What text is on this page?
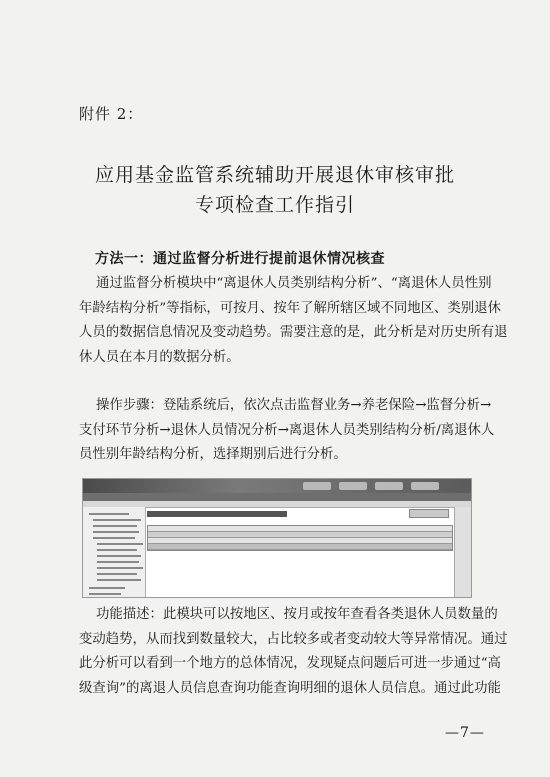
附件 2：
应用基金监管系统辅助开展退休审核审批
专项检查工作指引
方法一：通过监督分析进行提前退休情况核查
通过监督分析模块中“离退休人员类别结构分析”、“离退休人员性别
年龄结构分析”等指标，可按月、按年了解所辖区域不同地区、类别退休
人员的数据信息情况及变动趋势。需要注意的是，此分析是对历史所有退
休人员在本月的数据分析。
操作步骤：登陆系统后，依次点击监督业务→养老保险→监督分析→
支付环节分析→退休人员情况分析→离退休人员类别结构分析/离退休人
员性别年龄结构分析，选择期别后进行分析。
功能描述：此模块可以按地区、按月或按年查看各类退休人员数量的
变动趋势，从而找到数量较大，占比较多或者变动较大等异常情况。通过
此分析可以看到一个地方的总体情况，发现疑点问题后可进一步通过“高
级查询”的离退人员信息查询功能查询明细的退休人员信息。通过此功能
—7—
